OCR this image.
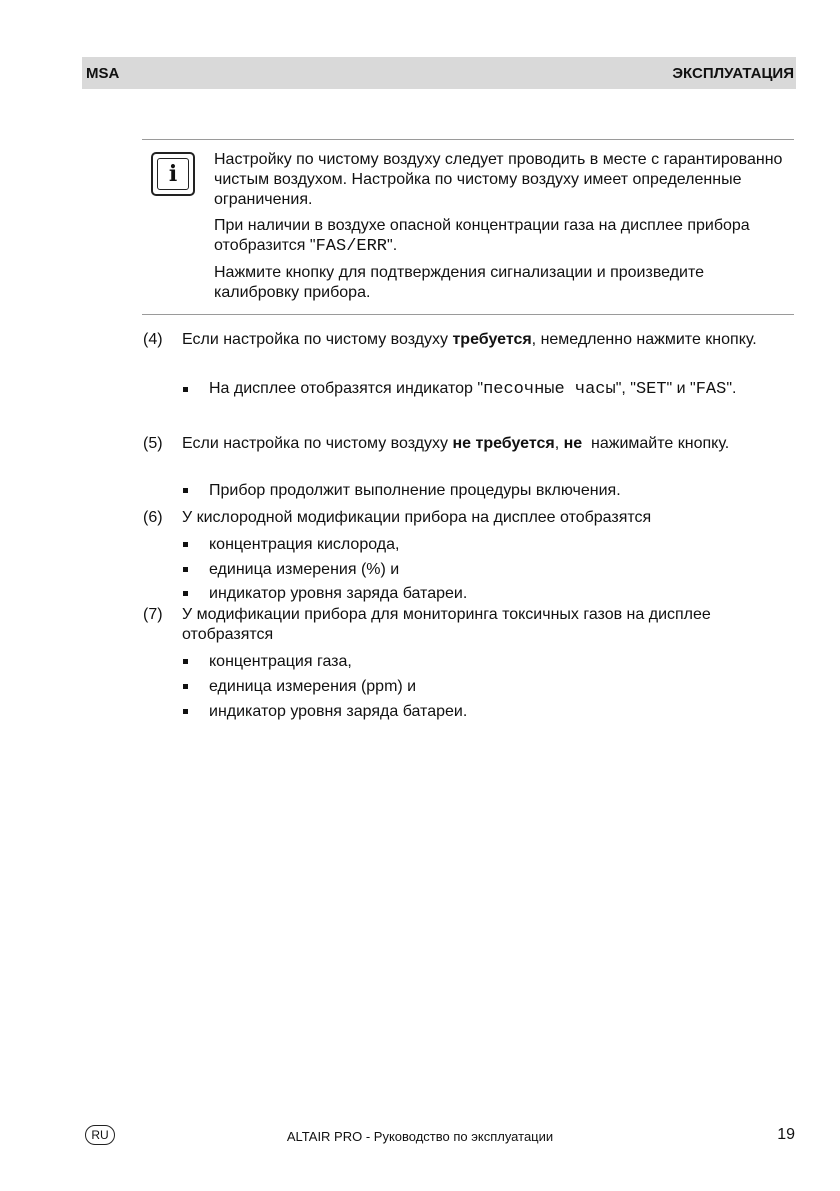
MSA	ЭКСПЛУАТАЦИЯ
i

Настройку по чистому воздуху следует проводить в месте с гарантированно чистым воздухом. Настройка по чистому воздуху имеет определенные ограничения.

При наличии в воздухе опасной концентрации газа на дисплее прибора отобразится "FAS/ERR".

Нажмите кнопку для подтверждения сигнализации и произведите калибровку прибора.

(4) Если настройка по чистому воздуху требуется, немедленно нажмите кнопку.
На дисплее отобразятся индикатор "песочные часы", "SET" и "FAS".
(5) Если настройка по чистому воздуху не требуется, не  нажимайте кнопку.
Прибор продолжит выполнение процедуры включения.
(6) У кислородной модификации прибора на дисплее отобразятся
концентрация кислорода,
единица измерения (%) и
индикатор уровня заряда батареи.
(7) У модификации прибора для мониторинга токсичных газов на дисплее отобразятся
концентрация газа,
единица измерения (ppm) и
индикатор уровня заряда батареи.
RU	ALTAIR PRO - Руководство по эксплуатации	19
